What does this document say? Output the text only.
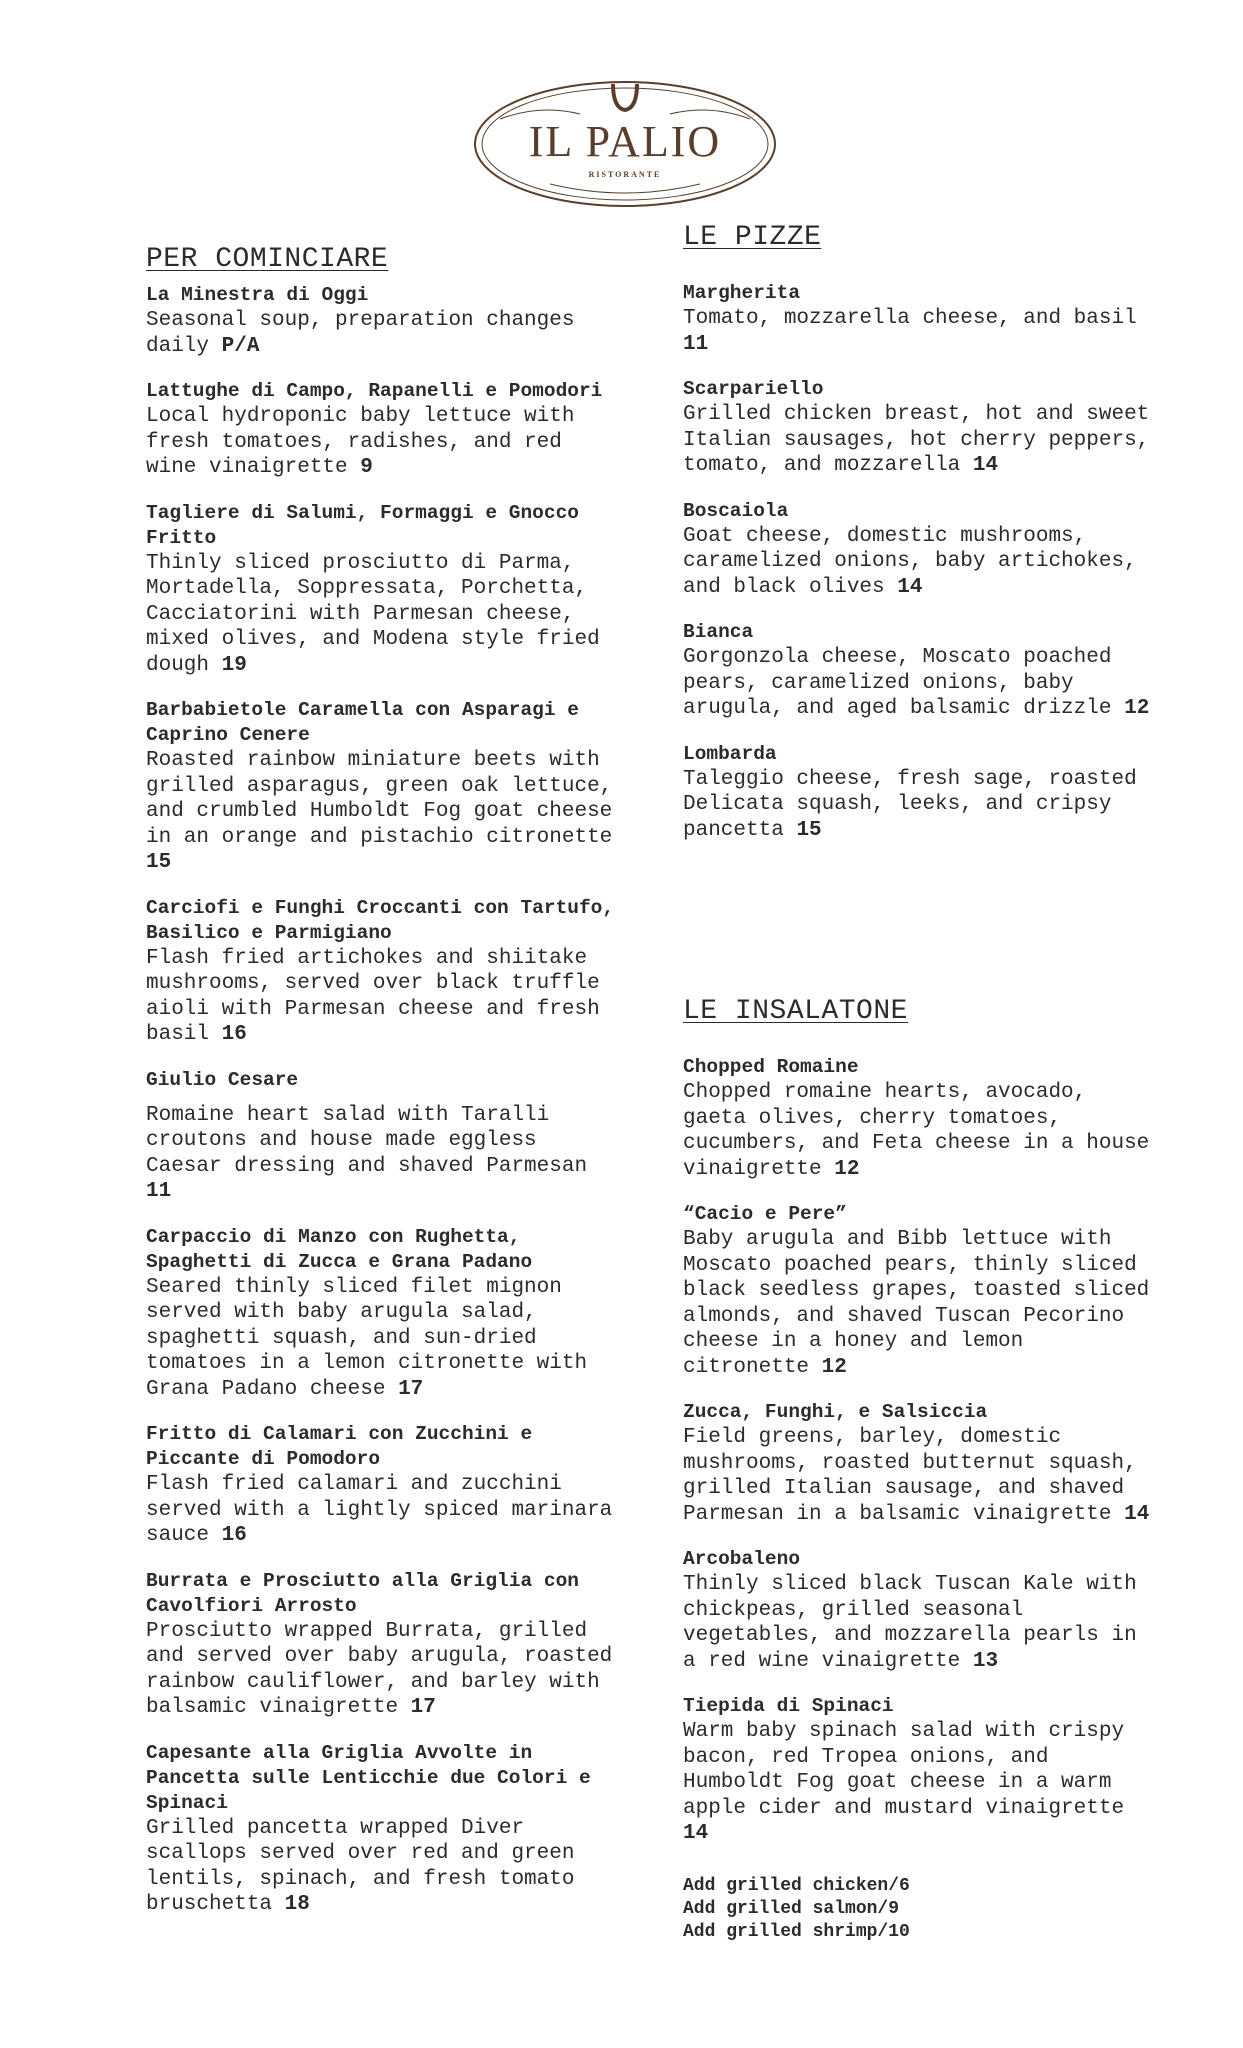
IL PALIO
RISTORANTE
PER COMINCIARE
La Minestra di Oggi
Seasonal soup, preparation changes daily P/A
Lattughe di Campo, Rapanelli e Pomodori
Local hydroponic baby lettuce with fresh tomatoes, radishes, and red wine vinaigrette 9
Tagliere di Salumi, Formaggi e Gnocco Fritto
Thinly sliced prosciutto di Parma, Mortadella, Soppressata, Porchetta, Cacciatorini with Parmesan cheese, mixed olives, and Modena style fried dough 19
Barbabietole Caramella con Asparagi e Caprino Cenere
Roasted rainbow miniature beets with grilled asparagus, green oak lettuce, and crumbled Humboldt Fog goat cheese in an orange and pistachio citronette 15
Carciofi e Funghi Croccanti con Tartufo, Basilico e Parmigiano
Flash fried artichokes and shiitake mushrooms, served over black truffle aioli with Parmesan cheese and fresh basil 16
Giulio Cesare
Romaine heart salad with Taralli croutons and house made eggless Caesar dressing and shaved Parmesan 11
Carpaccio di Manzo con Rughetta, Spaghetti di Zucca e Grana Padano
Seared thinly sliced filet mignon served with baby arugula salad, spaghetti squash, and sun-dried tomatoes in a lemon citronette with Grana Padano cheese 17
Fritto di Calamari con Zucchini e Piccante di Pomodoro
Flash fried calamari and zucchini served with a lightly spiced marinara sauce 16
Burrata e Prosciutto alla Griglia con Cavolfiori Arrosto
Prosciutto wrapped Burrata, grilled and served over baby arugula, roasted rainbow cauliflower, and barley with balsamic vinaigrette 17
Capesante alla Griglia Avvolte in Pancetta sulle Lenticchie due Colori e Spinaci
Grilled pancetta wrapped Diver scallops served over red and green lentils, spinach, and fresh tomato bruschetta 18
LE PIZZE
Margherita
Tomato, mozzarella cheese, and basil 11
Scarpariello
Grilled chicken breast, hot and sweet Italian sausages, hot cherry peppers, tomato, and mozzarella 14
Boscaiola
Goat cheese, domestic mushrooms, caramelized onions, baby artichokes, and black olives 14
Bianca
Gorgonzola cheese, Moscato poached pears, caramelized onions, baby arugula, and aged balsamic drizzle 12
Lombarda
Taleggio cheese, fresh sage, roasted Delicata squash, leeks, and cripsy pancetta 15
LE INSALATONE
Chopped Romaine
Chopped romaine hearts, avocado, gaeta olives, cherry tomatoes, cucumbers, and Feta cheese in a house vinaigrette 12
“Cacio e Pere”
Baby arugula and Bibb lettuce with Moscato poached pears, thinly sliced black seedless grapes, toasted sliced almonds, and shaved Tuscan Pecorino cheese in a honey and lemon citronette 12
Zucca, Funghi, e Salsiccia
Field greens, barley, domestic mushrooms, roasted butternut squash, grilled Italian sausage, and shaved Parmesan in a balsamic vinaigrette 14
Arcobaleno
Thinly sliced black Tuscan Kale with chickpeas, grilled seasonal vegetables, and mozzarella pearls in a red wine vinaigrette 13
Tiepida di Spinaci
Warm baby spinach salad with crispy bacon, red Tropea onions, and Humboldt Fog goat cheese in a warm apple cider and mustard vinaigrette 14
Add grilled chicken/6
Add grilled salmon/9
Add grilled shrimp/10
